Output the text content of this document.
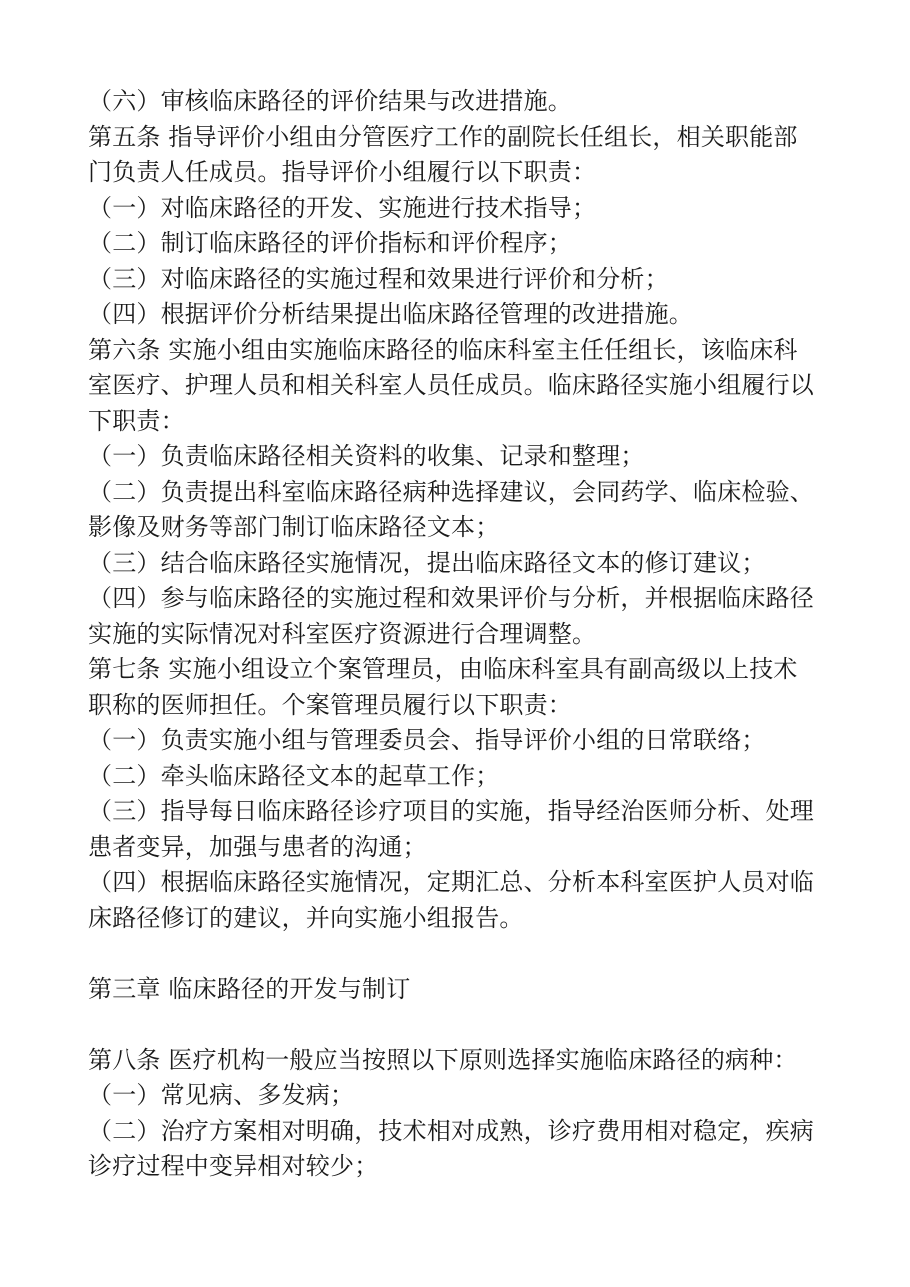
（六）审核临床路径的评价结果与改进措施。
第五条 指导评价小组由分管医疗工作的副院长任组长，相关职能部
门负责人任成员。指导评价小组履行以下职责：
（一）对临床路径的开发、实施进行技术指导；
（二）制订临床路径的评价指标和评价程序；
（三）对临床路径的实施过程和效果进行评价和分析；
（四）根据评价分析结果提出临床路径管理的改进措施。
第六条 实施小组由实施临床路径的临床科室主任任组长，该临床科
室医疗、护理人员和相关科室人员任成员。临床路径实施小组履行以
下职责：
（一）负责临床路径相关资料的收集、记录和整理；
（二）负责提出科室临床路径病种选择建议，会同药学、临床检验、
影像及财务等部门制订临床路径文本；
（三）结合临床路径实施情况，提出临床路径文本的修订建议；
（四）参与临床路径的实施过程和效果评价与分析，并根据临床路径
实施的实际情况对科室医疗资源进行合理调整。
第七条 实施小组设立个案管理员，由临床科室具有副高级以上技术
职称的医师担任。个案管理员履行以下职责：
（一）负责实施小组与管理委员会、指导评价小组的日常联络；
（二）牵头临床路径文本的起草工作；
（三）指导每日临床路径诊疗项目的实施，指导经治医师分析、处理
患者变异，加强与患者的沟通；
（四）根据临床路径实施情况，定期汇总、分析本科室医护人员对临
床路径修订的建议，并向实施小组报告。
第三章 临床路径的开发与制订
第八条 医疗机构一般应当按照以下原则选择实施临床路径的病种：
（一）常见病、多发病；
（二）治疗方案相对明确，技术相对成熟，诊疗费用相对稳定，疾病
诊疗过程中变异相对较少；
